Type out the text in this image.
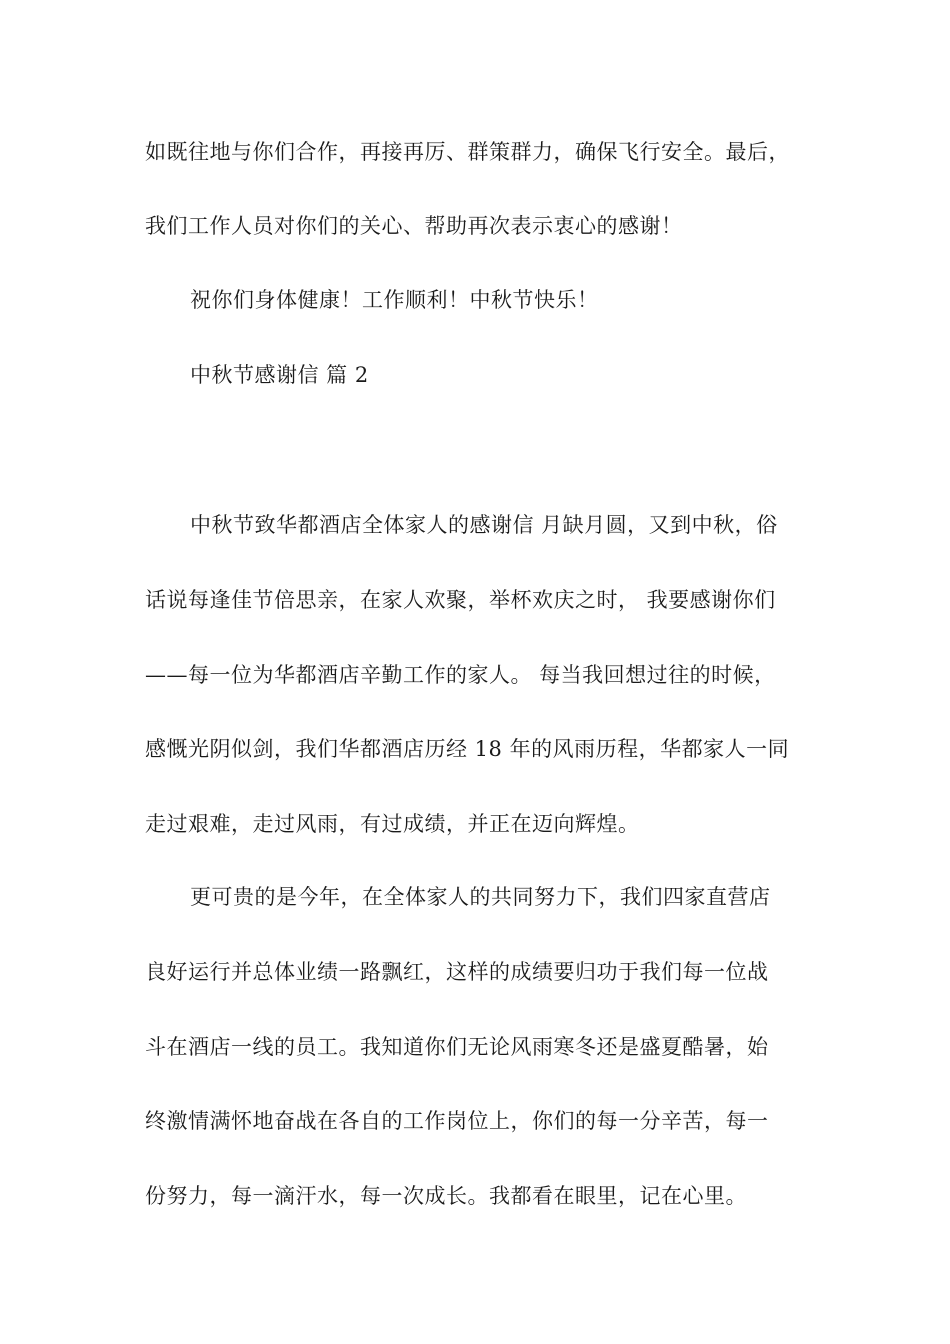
如既往地与你们合作，再接再厉、群策群力，确保飞行安全。最后，
我们工作人员对你们的关心、帮助再次表示衷心的感谢！
祝你们身体健康！工作顺利！中秋节快乐！
中秋节感谢信 篇 2
中秋节致华都酒店全体家人的感谢信 月缺月圆，又到中秋，俗
话说每逢佳节倍思亲，在家人欢聚，举杯欢庆之时， 我要感谢你们
——每一位为华都酒店辛勤工作的家人。 每当我回想过往的时候，
感慨光阴似剑，我们华都酒店历经 18 年的风雨历程，华都家人一同
走过艰难，走过风雨，有过成绩，并正在迈向辉煌。
更可贵的是今年，在全体家人的共同努力下，我们四家直营店
良好运行并总体业绩一路飘红，这样的成绩要归功于我们每一位战
斗在酒店一线的员工。我知道你们无论风雨寒冬还是盛夏酷暑，始
终激情满怀地奋战在各自的工作岗位上，你们的每一分辛苦，每一
份努力，每一滴汗水，每一次成长。我都看在眼里，记在心里。
